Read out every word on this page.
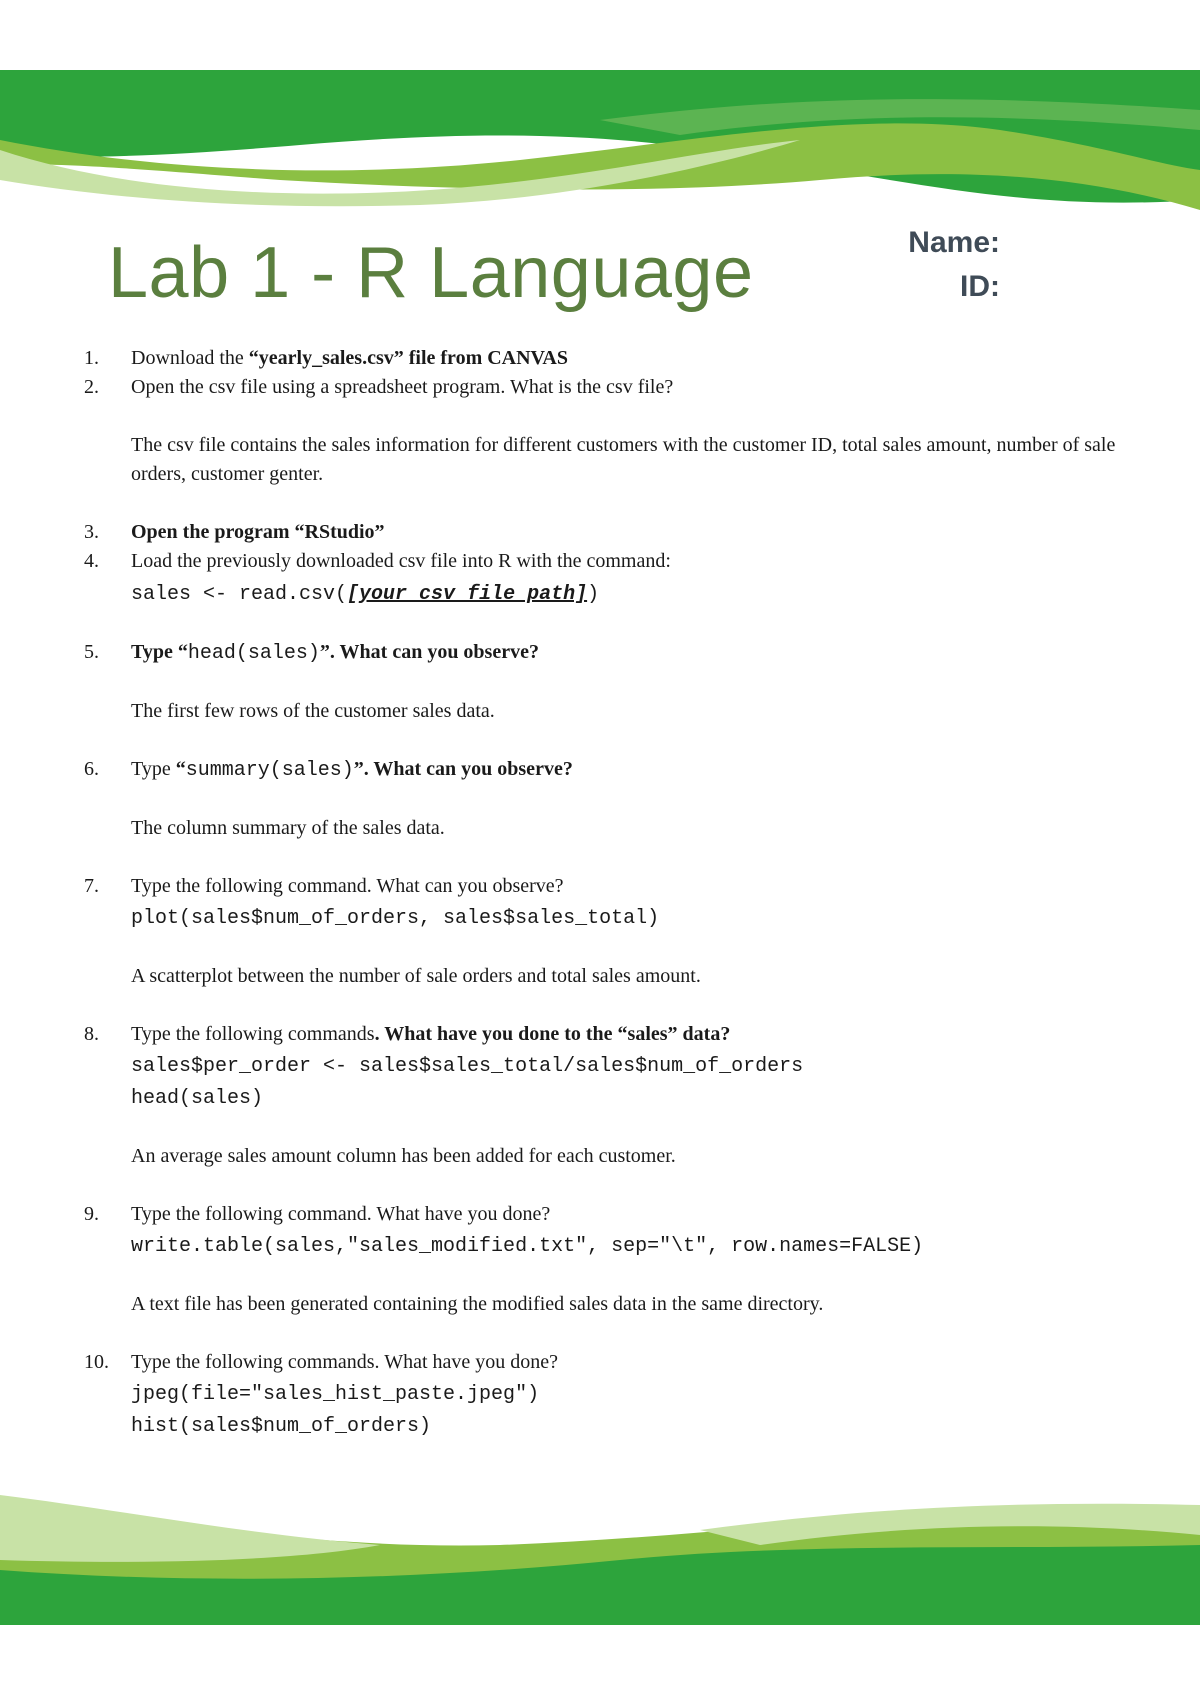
Lab 1 - R Language	Name:
ID:
1. Download the “yearly_sales.csv” file from CANVAS
2. Open the csv file using a spreadsheet program. What is the csv file?
The csv file contains the sales information for different customers with the customer ID, total sales amount, number of sale orders, customer genter.
3. Open the program “RStudio”
4. Load the previously downloaded csv file into R with the command:
sales <- read.csv([your csv file path])
5. Type “head(sales)”. What can you observe?
The first few rows of the customer sales data.
6. Type “summary(sales)”. What can you observe?
The column summary of the sales data.
7. Type the following command. What can you observe?
plot(sales$num_of_orders, sales$sales_total)
A scatterplot between the number of sale orders and total sales amount.
8. Type the following commands. What have you done to the “sales” data?
sales$per_order <- sales$sales_total/sales$num_of_orders
head(sales)
An average sales amount column has been added for each customer.
9. Type the following command. What have you done?
write.table(sales,"sales_modified.txt", sep="\t", row.names=FALSE)
A text file has been generated containing the modified sales data in the same directory.
10. Type the following commands. What have you done?
jpeg(file="sales_hist_paste.jpeg")
hist(sales$num_of_orders)
